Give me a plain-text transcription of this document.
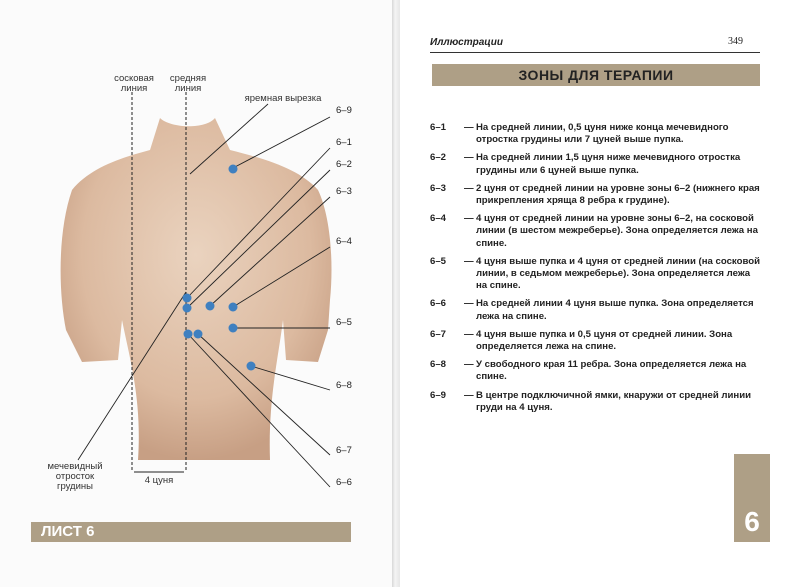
сосковая
линия
средняя
линия
яремная вырезка
мечевидный
отросток
грудины
4 цуня
6–9
6–1
6–2
6–3
6–4
6–5
6–8
6–7
6–6
ЛИСТ 6
Иллюстрации	349
ЗОНЫ ДЛЯ ТЕРАПИИ
6–1	— На средней линии, 0,5 цуня ниже конца мечевидного отростка грудины или 7 цуней выше пупка.
6–2	— На средней линии 1,5 цуня ниже мечевидного отростка грудины или 6 цуней выше пупка.
6–3	— 2 цуня от средней линии на уровне зоны 6–2 (нижнего края прикрепления хряща 8 ребра к грудине).
6–4	— 4 цуня от средней линии на уровне зоны 6–2, на сосковой линии (в шестом межреберье). Зона определяется лежа на спине.
6–5	— 4 цуня выше пупка и 4 цуня от средней линии (на сосковой линии, в седьмом межреберье). Зона определяется лежа на спине.
6–6	— На средней линии 4 цуня выше пупка. Зона определяется лежа на спине.
6–7	— 4 цуня выше пупка и 0,5 цуня от средней линии. Зона определяется лежа на спине.
6–8	— У свободного края 11 ребра. Зона определяется лежа на спине.
6–9	— В центре подключичной ямки, кнаружи от средней линии груди на 4 цуня.
6
